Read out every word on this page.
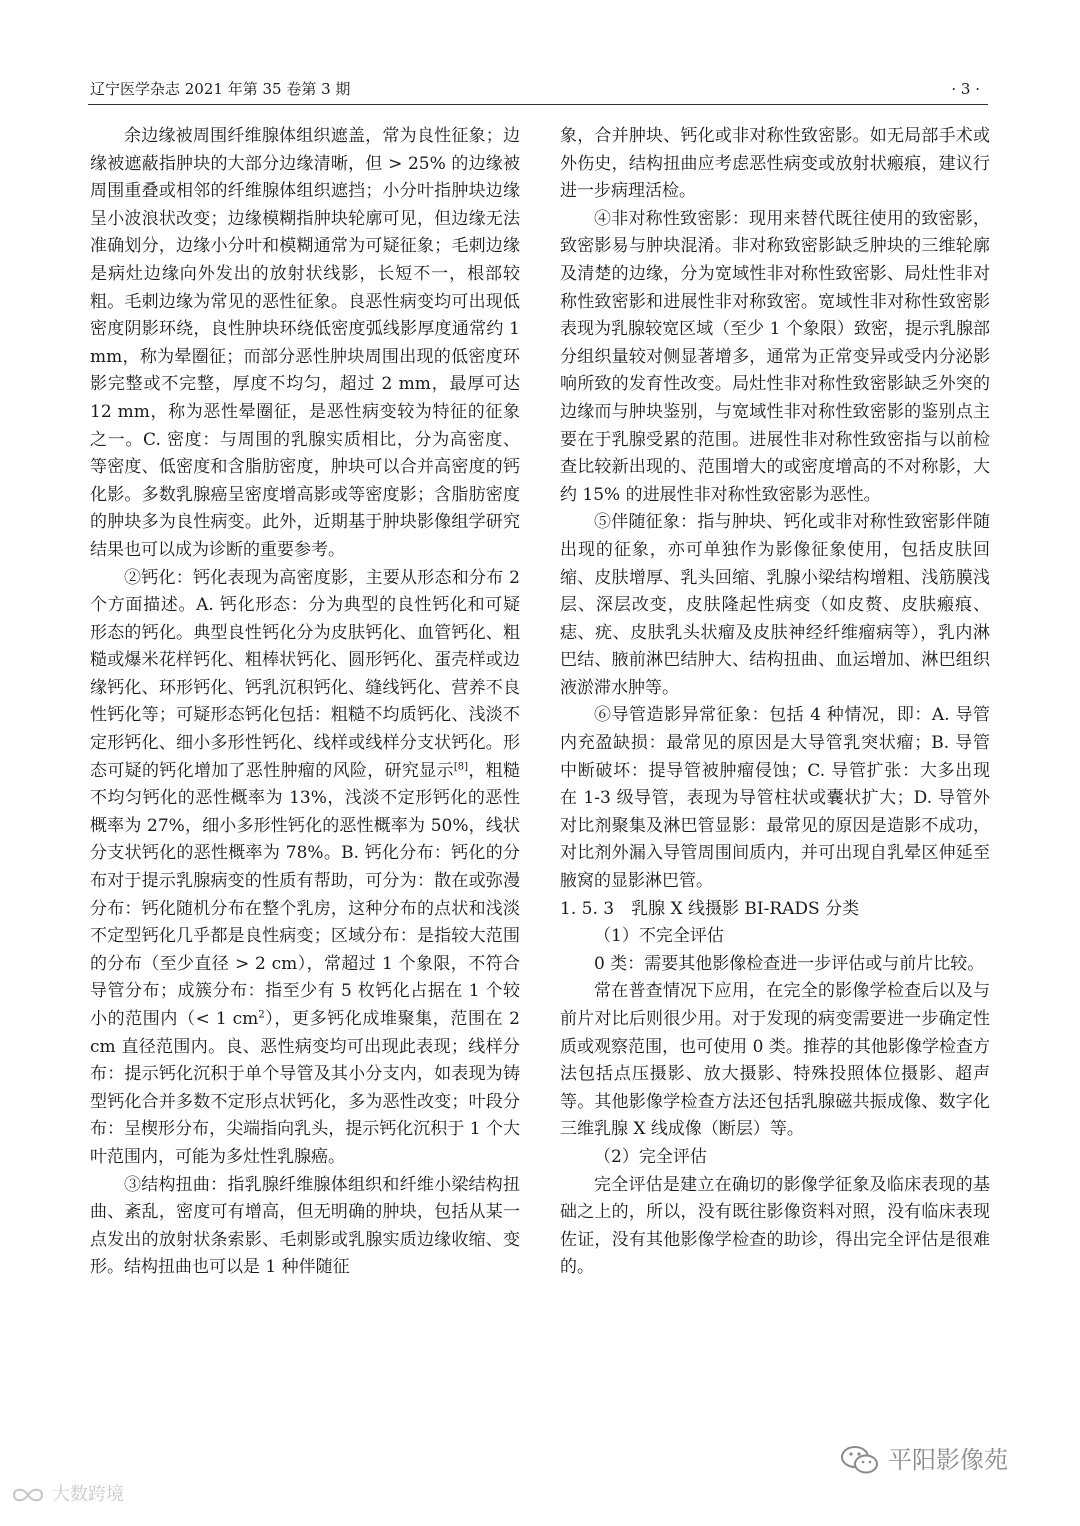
辽宁医学杂志 2021 年第 35 卷第 3 期	· 3 ·

余边缘被周围纤维腺体组织遮盖，常为良性征象；边缘被遮蔽指肿块的大部分边缘清晰，但 > 25% 的边缘被周围重叠或相邻的纤维腺体组织遮挡；小分叶指肿块边缘呈小波浪状改变；边缘模糊指肿块轮廓可见，但边缘无法准确划分，边缘小分叶和模糊通常为可疑征象；毛刺边缘是病灶边缘向外发出的放射状线影，长短不一，根部较粗。毛刺边缘为常见的恶性征象。良恶性病变均可出现低密度阴影环绕，良性肿块环绕低密度弧线影厚度通常约 1 mm，称为晕圈征；而部分恶性肿块周围出现的低密度环影完整或不完整，厚度不均匀，超过 2 mm，最厚可达 12 mm，称为恶性晕圈征，是恶性病变较为特征的征象之一。C. 密度：与周围的乳腺实质相比，分为高密度、等密度、低密度和含脂肪密度，肿块可以合并高密度的钙化影。多数乳腺癌呈密度增高影或等密度影；含脂肪密度的肿块多为良性病变。此外，近期基于肿块影像组学研究结果也可以成为诊断的重要参考。

②钙化：钙化表现为高密度影，主要从形态和分布 2 个方面描述。A. 钙化形态：分为典型的良性钙化和可疑形态的钙化。典型良性钙化分为皮肤钙化、血管钙化、粗糙或爆米花样钙化、粗棒状钙化、圆形钙化、蛋壳样或边缘钙化、环形钙化、钙乳沉积钙化、缝线钙化、营养不良性钙化等；可疑形态钙化包括：粗糙不均质钙化、浅淡不定形钙化、细小多形性钙化、线样或线样分支状钙化。形态可疑的钙化增加了恶性肿瘤的风险，研究显示[8]，粗糙不均匀钙化的恶性概率为 13%，浅淡不定形钙化的恶性概率为 27%，细小多形性钙化的恶性概率为 50%，线状分支状钙化的恶性概率为 78%。B. 钙化分布：钙化的分布对于提示乳腺病变的性质有帮助，可分为：散在或弥漫分布：钙化随机分布在整个乳房，这种分布的点状和浅淡不定型钙化几乎都是良性病变；区域分布：是指较大范围的分布（至少直径 > 2 cm），常超过 1 个象限，不符合导管分布；成簇分布：指至少有 5 枚钙化占据在 1 个较小的范围内（< 1 $cm^2$），更多钙化成堆聚集，范围在 2 cm 直径范围内。良、恶性病变均可出现此表现；线样分布：提示钙化沉积于单个导管及其小分支内，如表现为铸型钙化合并多数不定形点状钙化，多为恶性改变；叶段分布：呈楔形分布，尖端指向乳头，提示钙化沉积于 1 个大叶范围内，可能为多灶性乳腺癌。

③结构扭曲：指乳腺纤维腺体组织和纤维小梁结构扭曲、紊乱，密度可有增高，但无明确的肿块，包括从某一点发出的放射状条索影、毛刺影或乳腺实质边缘收缩、变形。结构扭曲也可以是 1 种伴随征

象，合并肿块、钙化或非对称性致密影。如无局部手术或外伤史，结构扭曲应考虑恶性病变或放射状瘢痕，建议行进一步病理活检。

④非对称性致密影：现用来替代既往使用的致密影，致密影易与肿块混淆。非对称致密影缺乏肿块的三维轮廓及清楚的边缘，分为宽域性非对称性致密影、局灶性非对称性致密影和进展性非对称致密。宽域性非对称性致密影表现为乳腺较宽区域（至少 1 个象限）致密，提示乳腺部分组织量较对侧显著增多，通常为正常变异或受内分泌影响所致的发育性改变。局灶性非对称性致密影缺乏外突的边缘而与肿块鉴别，与宽域性非对称性致密影的鉴别点主要在于乳腺受累的范围。进展性非对称性致密指与以前检查比较新出现的、范围增大的或密度增高的不对称影，大约 15% 的进展性非对称性致密影为恶性。

⑤伴随征象：指与肿块、钙化或非对称性致密影伴随出现的征象，亦可单独作为影像征象使用，包括皮肤回缩、皮肤增厚、乳头回缩、乳腺小梁结构增粗、浅筋膜浅层、深层改变，皮肤隆起性病变（如皮赘、皮肤瘢痕、痣、疣、皮肤乳头状瘤及皮肤神经纤维瘤病等），乳内淋巴结、腋前淋巴结肿大、结构扭曲、血运增加、淋巴组织液淤滞水肿等。

⑥导管造影异常征象：包括 4 种情况，即：A. 导管内充盈缺损：最常见的原因是大导管乳突状瘤；B. 导管中断破坏：提导管被肿瘤侵蚀；C. 导管扩张：大多出现在 1-3 级导管，表现为导管柱状或囊状扩大；D. 导管外对比剂聚集及淋巴管显影：最常见的原因是造影不成功，对比剂外漏入导管周围间质内，并可出现自乳晕区伸延至腋窝的显影淋巴管。

1. 5. 3　乳腺 X 线摄影 BI-RADS 分类

（1）不完全评估

0 类：需要其他影像检查进一步评估或与前片比较。

常在普查情况下应用，在完全的影像学检查后以及与前片对比后则很少用。对于发现的病变需要进一步确定性质或观察范围，也可使用 0 类。推荐的其他影像学检查方法包括点压摄影、放大摄影、特殊投照体位摄影、超声等。其他影像学检查方法还包括乳腺磁共振成像、数字化三维乳腺 X 线成像（断层）等。

（2）完全评估

完全评估是建立在确切的影像学征象及临床表现的基础之上的，所以，没有既往影像资料对照，没有临床表现佐证，没有其他影像学检查的助诊，得出完全评估是很难的。

大数跨境
平阳影像苑
